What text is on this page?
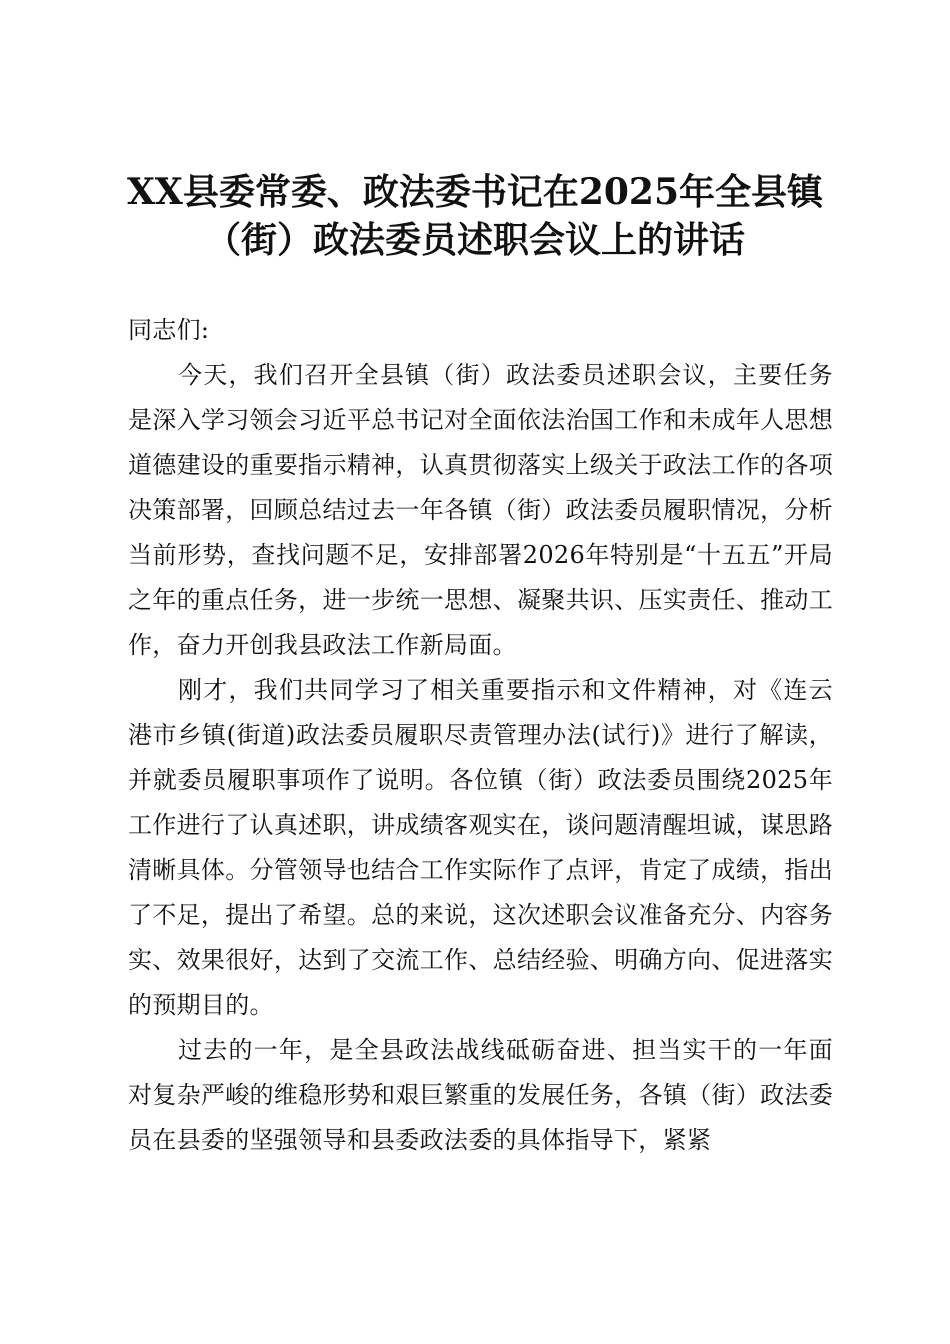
XX县委常委、政法委书记在2025年全县镇
（街）政法委员述职会议上的讲话

同志们:

今天，我们召开全县镇（街）政法委员述职会议，主要任务是深入学习领会习近平总书记对全面依法治国工作和未成年人思想道德建设的重要指示精神，认真贯彻落实上级关于政法工作的各项决策部署，回顾总结过去一年各镇（街）政法委员履职情况，分析当前形势，查找问题不足，安排部署2026年特别是“十五五”开局之年的重点任务，进一步统一思想、凝聚共识、压实责任、推动工作，奋力开创我县政法工作新局面。

刚才，我们共同学习了相关重要指示和文件精神，对《连云港市乡镇(街道)政法委员履职尽责管理办法(试行)》进行了解读，并就委员履职事项作了说明。各位镇（街）政法委员围绕2025年工作进行了认真述职，讲成绩客观实在，谈问题清醒坦诚，谋思路清晰具体。分管领导也结合工作实际作了点评，肯定了成绩，指出了不足，提出了希望。总的来说，这次述职会议准备充分、内容务实、效果很好，达到了交流工作、总结经验、明确方向、促进落实的预期目的。

过去的一年，是全县政法战线砥砺奋进、担当实干的一年面对复杂严峻的维稳形势和艰巨繁重的发展任务，各镇（街）政法委员在县委的坚强领导和县委政法委的具体指导下，紧紧
